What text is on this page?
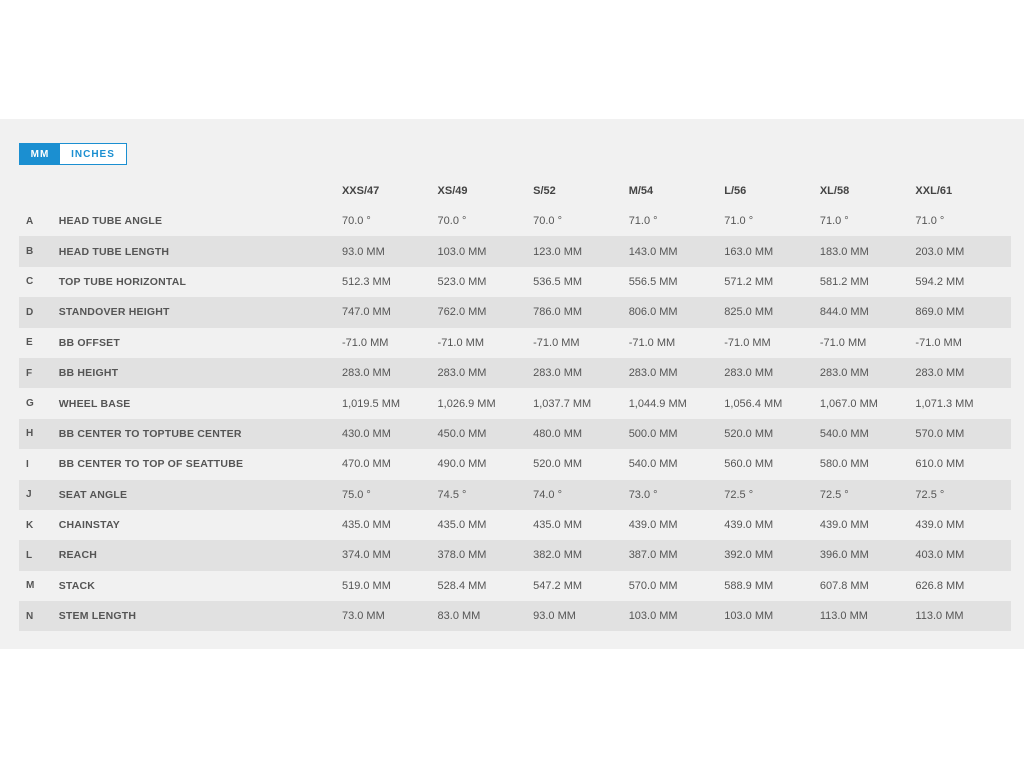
MM	INCHES
XXS/47	XS/49	S/52	M/54	L/56	XL/58	XXL/61
A	HEAD TUBE ANGLE	70.0 °	70.0 °	70.0 °	71.0 °	71.0 °	71.0 °	71.0 °
B	HEAD TUBE LENGTH	93.0 MM	103.0 MM	123.0 MM	143.0 MM	163.0 MM	183.0 MM	203.0 MM
C	TOP TUBE HORIZONTAL	512.3 MM	523.0 MM	536.5 MM	556.5 MM	571.2 MM	581.2 MM	594.2 MM
D	STANDOVER HEIGHT	747.0 MM	762.0 MM	786.0 MM	806.0 MM	825.0 MM	844.0 MM	869.0 MM
E	BB OFFSET	-71.0 MM	-71.0 MM	-71.0 MM	-71.0 MM	-71.0 MM	-71.0 MM	-71.0 MM
F	BB HEIGHT	283.0 MM	283.0 MM	283.0 MM	283.0 MM	283.0 MM	283.0 MM	283.0 MM
G	WHEEL BASE	1,019.5 MM	1,026.9 MM	1,037.7 MM	1,044.9 MM	1,056.4 MM	1,067.0 MM	1,071.3 MM
H	BB CENTER TO TOPTUBE CENTER	430.0 MM	450.0 MM	480.0 MM	500.0 MM	520.0 MM	540.0 MM	570.0 MM
I	BB CENTER TO TOP OF SEATTUBE	470.0 MM	490.0 MM	520.0 MM	540.0 MM	560.0 MM	580.0 MM	610.0 MM
J	SEAT ANGLE	75.0 °	74.5 °	74.0 °	73.0 °	72.5 °	72.5 °	72.5 °
K	CHAINSTAY	435.0 MM	435.0 MM	435.0 MM	439.0 MM	439.0 MM	439.0 MM	439.0 MM
L	REACH	374.0 MM	378.0 MM	382.0 MM	387.0 MM	392.0 MM	396.0 MM	403.0 MM
M	STACK	519.0 MM	528.4 MM	547.2 MM	570.0 MM	588.9 MM	607.8 MM	626.8 MM
N	STEM LENGTH	73.0 MM	83.0 MM	93.0 MM	103.0 MM	103.0 MM	113.0 MM	113.0 MM
